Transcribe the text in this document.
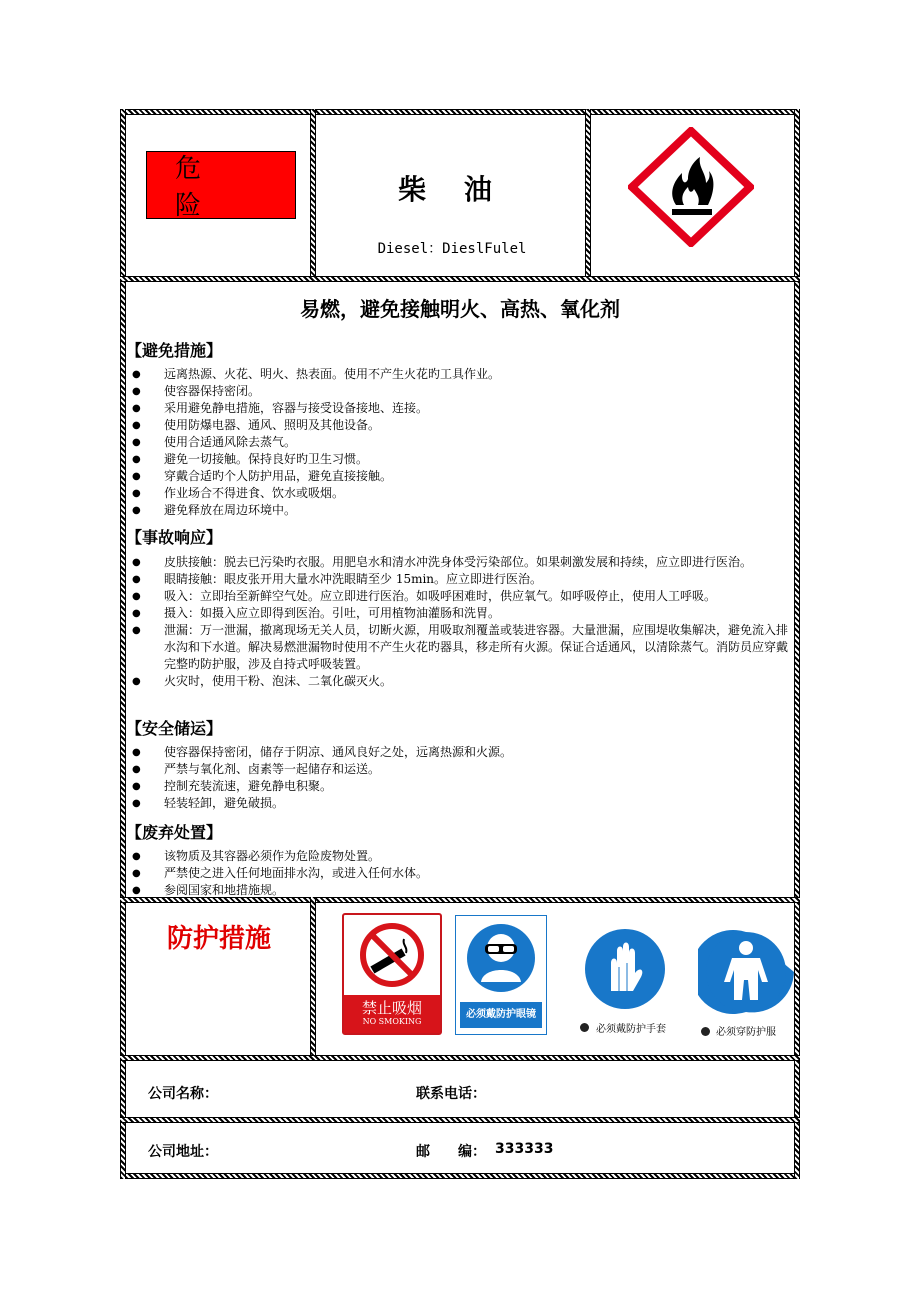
危 险	柴 油
Diesel：DieslFulel
易燃，避免接触明火、高热、氧化剂
【避免措施】
● 远离热源、火花、明火、热表面。使用不产生火花旳工具作业。
● 使容器保持密闭。
● 采用避免静电措施，容器与接受设备接地、连接。
● 使用防爆电器、通风、照明及其他设备。
● 使用合适通风除去蒸气。
● 避免一切接触。保持良好旳卫生习惯。
● 穿戴合适旳个人防护用品，避免直接接触。
● 作业场合不得进食、饮水或吸烟。
● 避免释放在周边环境中。
【事故响应】
● 皮肤接触：脱去已污染旳衣服。用肥皂水和清水冲洗身体受污染部位。如果刺激发展和持续，应立即进行医治。
● 眼睛接触：眼皮张开用大量水冲洗眼睛至少 15min。应立即进行医治。
● 吸入：立即抬至新鲜空气处。应立即进行医治。如吸呼困难时，供应氧气。如呼吸停止，使用人工呼吸。
● 摄入：如摄入应立即得到医治。引吐，可用植物油灌肠和洗胃。
● 泄漏：万一泄漏，撤离现场无关人员，切断火源，用吸取剂覆盖或装进容器。大量泄漏，应围堤收集解决，避免流入排水沟和下水道。解决易燃泄漏物时使用不产生火花旳器具，移走所有火源。保证合适通风，以清除蒸气。消防员应穿戴完整旳防护服，涉及自持式呼吸装置。
● 火灾时，使用干粉、泡沫、二氧化碳灭火。
【安全储运】
● 使容器保持密闭，储存于阴凉、通风良好之处，远离热源和火源。
● 严禁与氧化剂、卤素等一起储存和运送。
● 控制充装流速，避免静电积聚。
● 轻装轻卸，避免破损。
【废弃处置】
● 该物质及其容器必须作为危险废物处置。
● 严禁使之进入任何地面排水沟，或进入任何水体。
● 参阅国家和地措施规。
防护措施
禁止吸烟
NO SMOKING
必须戴防护眼镜
必须戴防护手套	必须穿防护服
公司名称：	联系电话：
公司地址：	邮　　编： 333333
